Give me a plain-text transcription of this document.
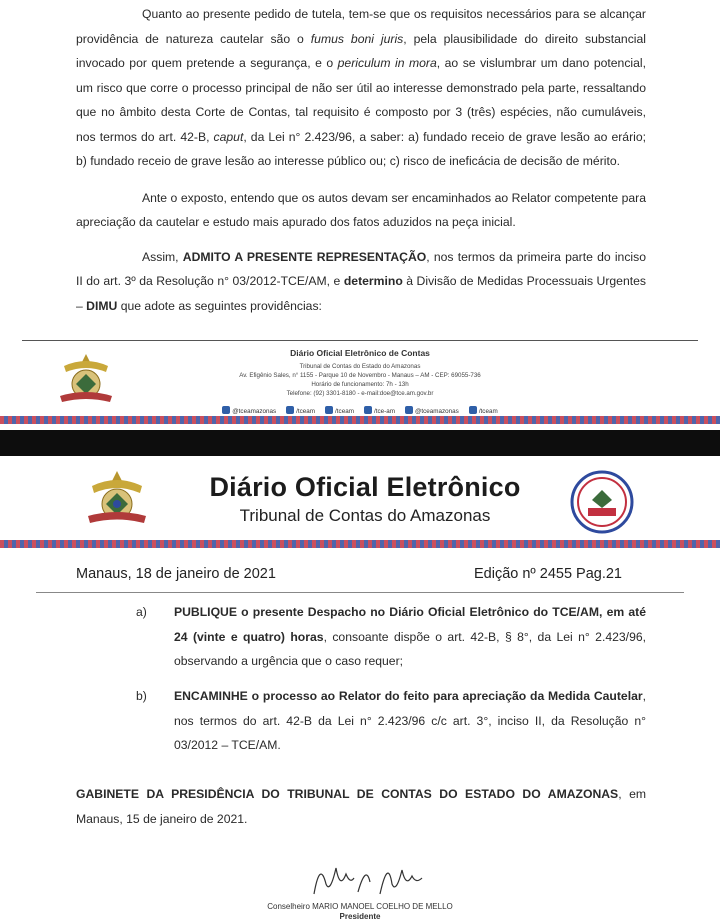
Quanto ao presente pedido de tutela, tem-se que os requisitos necessários para se alcançar providência de natureza cautelar são o fumus boni juris, pela plausibilidade do direito substancial invocado por quem pretende a segurança, e o periculum in mora, ao se vislumbrar um dano potencial, um risco que corre o processo principal de não ser útil ao interesse demonstrado pela parte, ressaltando que no âmbito desta Corte de Contas, tal requisito é composto por 3 (três) espécies, não cumuláveis, nos termos do art. 42-B, caput, da Lei n° 2.423/96, a saber: a) fundado receio de grave lesão ao erário; b) fundado receio de grave lesão ao interesse público ou; c) risco de ineficácia de decisão de mérito.

Ante o exposto, entendo que os autos devam ser encaminhados ao Relator competente para apreciação da cautelar e estudo mais apurado dos fatos aduzidos na peça inicial.

Assim, ADMITO A PRESENTE REPRESENTAÇÃO, nos termos da primeira parte do inciso II do art. 3º da Resolução n° 03/2012-TCE/AM, e determino à Divisão de Medidas Processuais Urgentes – DIMU que adote as seguintes providências:

Diário Oficial Eletrônico de Contas
Tribunal de Contas do Estado do Amazonas
Av. Efigênio Sales, n° 1155 - Parque 10 de Novembro - Manaus – AM - CEP: 69055-736
Horário de funcionamento: 7h - 13h
Telefone: (92) 3301-8180 - e-mail:doe@tce.am.gov.br
@tceamazonas	/tceam	/tceam	/tce-am	@tceamazonas	/tceam
Diário Oficial Eletrônico
Tribunal de Contas do Amazonas
Manaus, 18 de janeiro de 2021	Edição nº 2455 Pag.21
a) PUBLIQUE o presente Despacho no Diário Oficial Eletrônico do TCE/AM, em até 24 (vinte e quatro) horas, consoante dispõe o art. 42-B, § 8°, da Lei n° 2.423/96, observando a urgência que o caso requer;
b) ENCAMINHE o processo ao Relator do feito para apreciação da Medida Cautelar, nos termos do art. 42-B da Lei n° 2.423/96 c/c art. 3°, inciso II, da Resolução n° 03/2012 – TCE/AM.
GABINETE DA PRESIDÊNCIA DO TRIBUNAL DE CONTAS DO ESTADO DO AMAZONAS, em Manaus, 15 de janeiro de 2021.
Conselheiro MARIO MANOEL COELHO DE MELLO
Presidente
